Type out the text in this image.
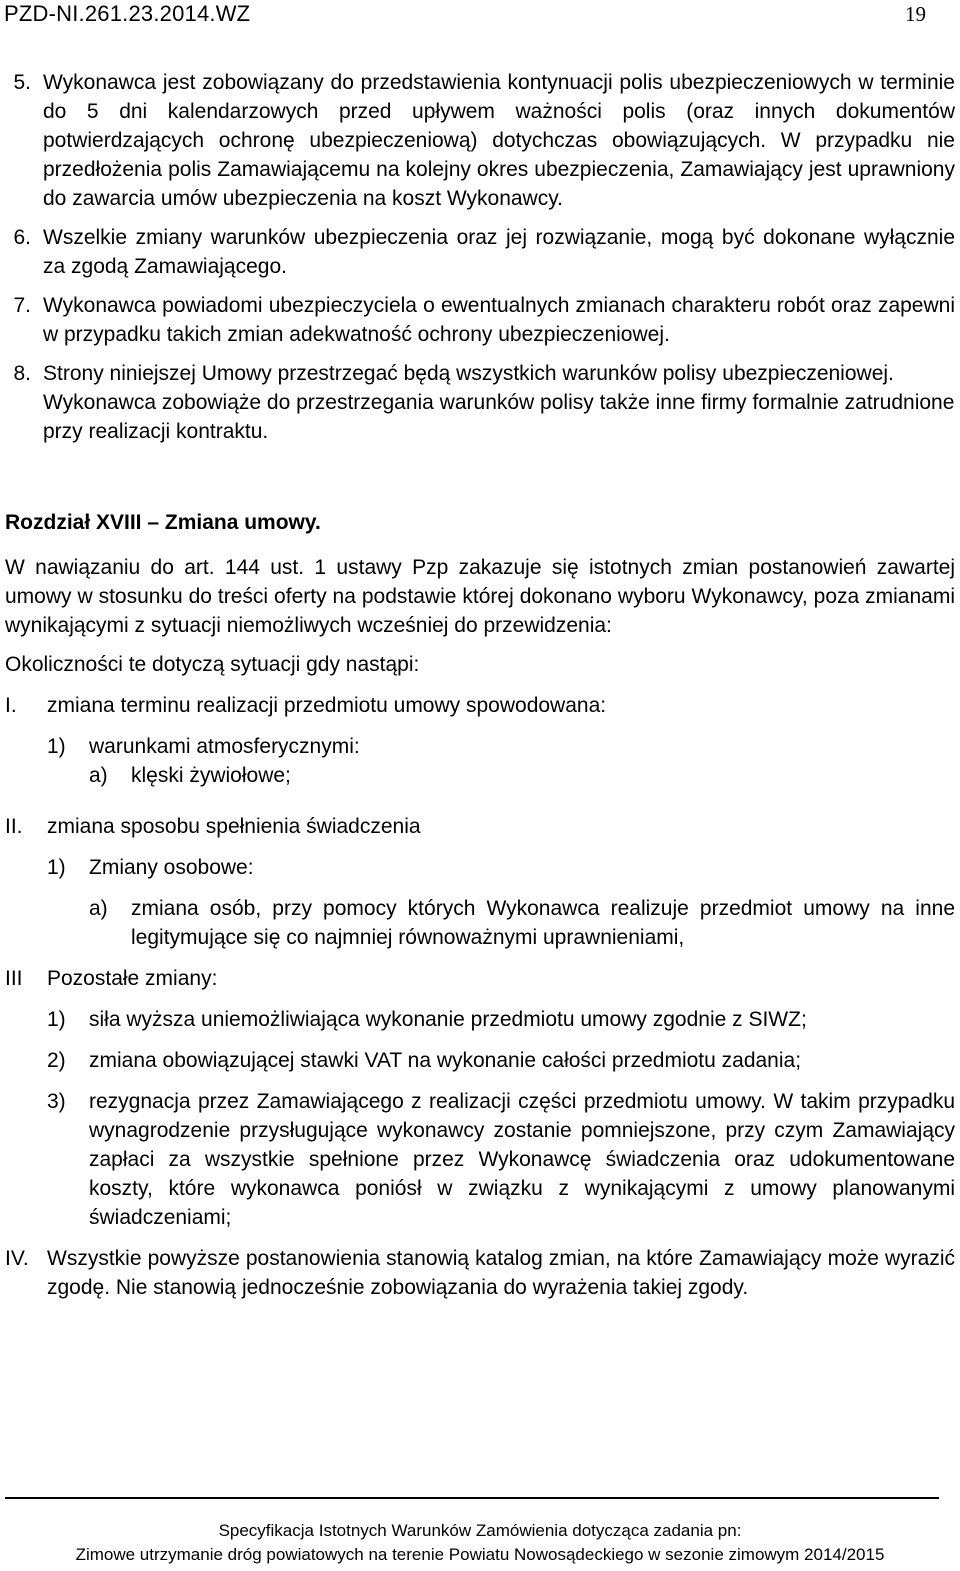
PZD-NI.261.23.2014.WZ	19
5. Wykonawca jest zobowiązany do przedstawienia kontynuacji polis ubezpieczeniowych w terminie do 5 dni kalendarzowych przed upływem ważności polis (oraz innych dokumentów potwierdzających ochronę ubezpieczeniową) dotychczas obowiązujących. W przypadku nie przedłożenia polis Zamawiającemu na kolejny okres ubezpieczenia, Zamawiający jest uprawniony do zawarcia umów ubezpieczenia na koszt Wykonawcy.
6. Wszelkie zmiany warunków ubezpieczenia oraz jej rozwiązanie, mogą być dokonane wyłącznie za zgodą Zamawiającego.
7. Wykonawca powiadomi ubezpieczyciela o ewentualnych zmianach charakteru robót oraz zapewni w przypadku takich zmian adekwatność ochrony ubezpieczeniowej.
8. Strony niniejszej Umowy przestrzegać będą wszystkich warunków polisy ubezpieczeniowej. Wykonawca zobowiąże do przestrzegania warunków polisy także inne firmy formalnie zatrudnione przy realizacji kontraktu.
Rozdział XVIII – Zmiana umowy.
W nawiązaniu do art. 144 ust. 1 ustawy Pzp zakazuje się istotnych zmian postanowień zawartej umowy w stosunku do treści oferty na podstawie której dokonano wyboru Wykonawcy, poza zmianami wynikającymi z sytuacji niemożliwych wcześniej do przewidzenia:
Okoliczności te dotyczą sytuacji gdy nastąpi:
I. zmiana terminu realizacji przedmiotu umowy spowodowana:
1) warunkami atmosferycznymi:
a) klęski żywiołowe;
II. zmiana sposobu spełnienia świadczenia
1) Zmiany osobowe:
a) zmiana osób, przy pomocy których Wykonawca realizuje przedmiot umowy na inne legitymujące się co najmniej równoważnymi uprawnieniami,
III Pozostałe zmiany:
1) siła wyższa uniemożliwiająca wykonanie przedmiotu umowy zgodnie z SIWZ;
2) zmiana obowiązującej stawki VAT na wykonanie całości przedmiotu zadania;
3) rezygnacja przez Zamawiającego z realizacji części przedmiotu umowy. W takim przypadku wynagrodzenie przysługujące wykonawcy zostanie pomniejszone, przy czym Zamawiający zapłaci za wszystkie spełnione przez Wykonawcę świadczenia oraz udokumentowane koszty, które wykonawca poniósł w związku z wynikającymi z umowy planowanymi świadczeniami;
IV. Wszystkie powyższe postanowienia stanowią katalog zmian, na które Zamawiający może wyrazić zgodę. Nie stanowią jednocześnie zobowiązania do wyrażenia takiej zgody.
Specyfikacja Istotnych Warunków Zamówienia dotycząca zadania pn:
Zimowe utrzymanie dróg powiatowych na terenie Powiatu Nowosądeckiego w sezonie zimowym 2014/2015
